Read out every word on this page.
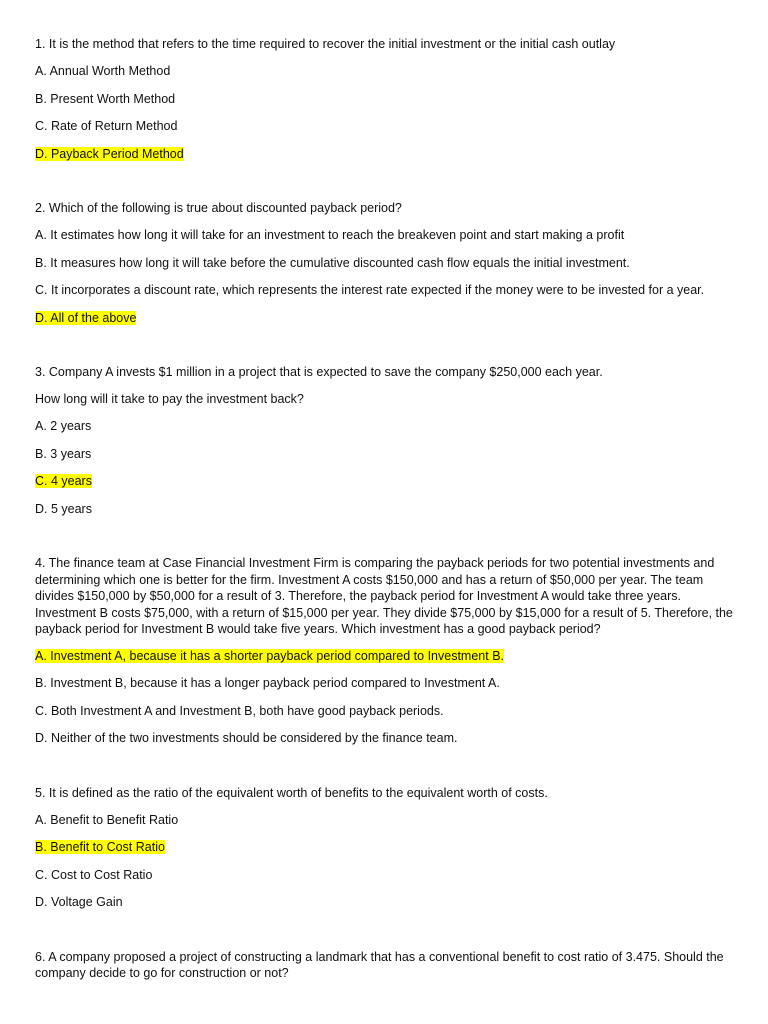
1. It is the method that refers to the time required to recover the initial investment or the initial cash outlay
A. Annual Worth Method
B. Present Worth Method
C. Rate of Return Method
D. Payback Period Method
2. Which of the following is true about discounted payback period?
A. It estimates how long it will take for an investment to reach the breakeven point and start making a profit
B. It measures how long it will take before the cumulative discounted cash flow equals the initial investment.
C. It incorporates a discount rate, which represents the interest rate expected if the money were to be invested for a year.
D. All of the above
3. Company A invests $1 million in a project that is expected to save the company $250,000 each year.
How long will it take to pay the investment back?
A. 2 years
B. 3 years
C. 4 years
D. 5 years
4. The finance team at Case Financial Investment Firm is comparing the payback periods for two potential investments and determining which one is better for the firm. Investment A costs $150,000 and has a return of $50,000 per year. The team divides $150,000 by $50,000 for a result of 3. Therefore, the payback period for Investment A would take three years. Investment B costs $75,000, with a return of $15,000 per year. They divide $75,000 by $15,000 for a result of 5. Therefore, the payback period for Investment B would take five years. Which investment has a good payback period?
A. Investment A, because it has a shorter payback period compared to Investment B.
B. Investment B, because it has a longer payback period compared to Investment A.
C. Both Investment A and Investment B, both have good payback periods.
D. Neither of the two investments should be considered by the finance team.
5. It is defined as the ratio of the equivalent worth of benefits to the equivalent worth of costs.
A. Benefit to Benefit Ratio
B. Benefit to Cost Ratio
C. Cost to Cost Ratio
D. Voltage Gain
6. A company proposed a project of constructing a landmark that has a conventional benefit to cost ratio of 3.475. Should the company decide to go for construction or not?
